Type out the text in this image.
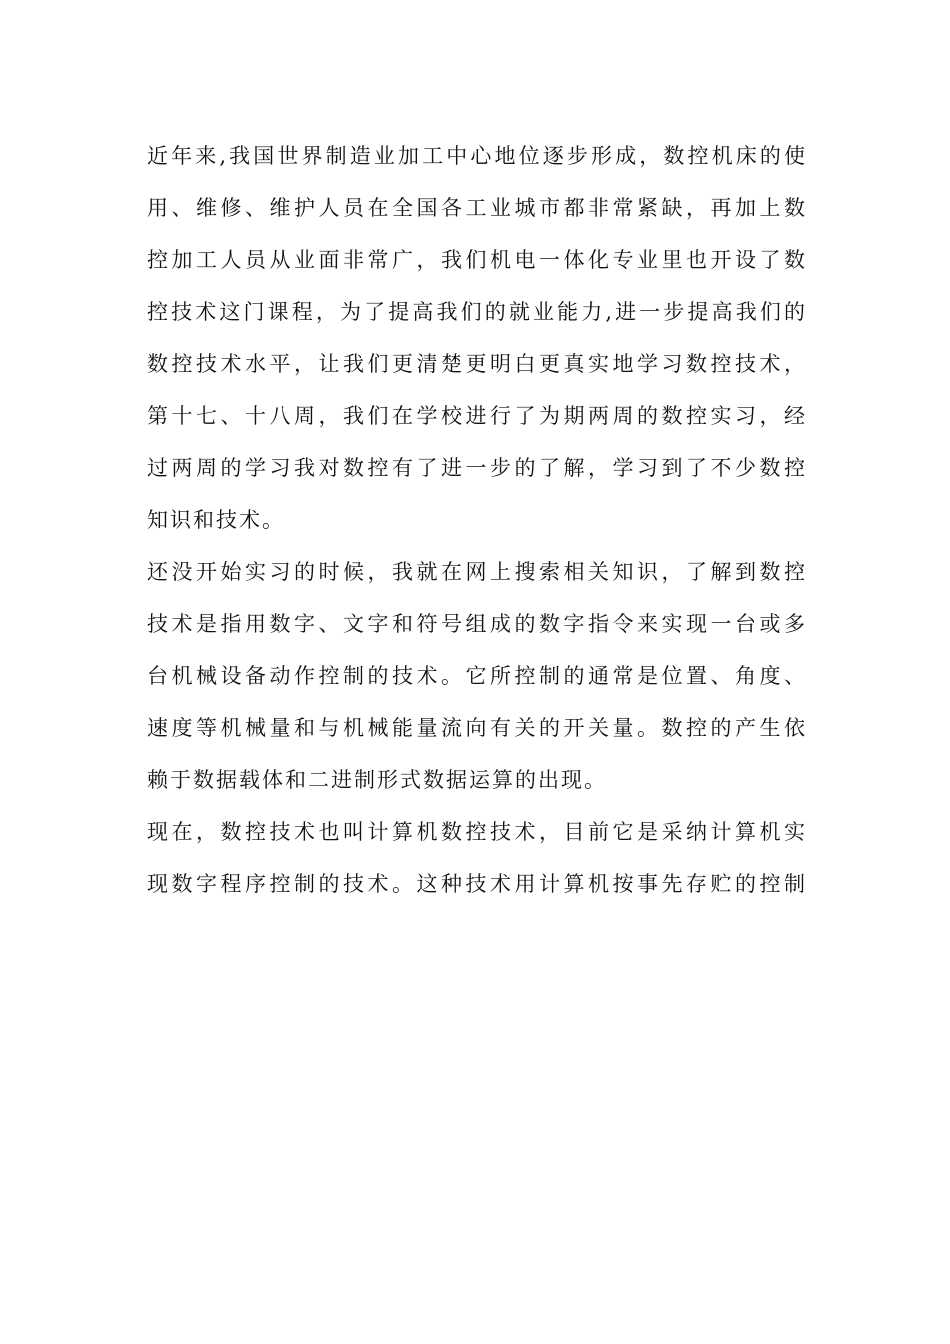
近年来,我国世界制造业加工中心地位逐步形成，数控机床的使
用、维修、维护人员在全国各工业城市都非常紧缺，再加上数
控加工人员从业面非常广，我们机电一体化专业里也开设了数
控技术这门课程，为了提高我们的就业能力,进一步提高我们的
数控技术水平，让我们更清楚更明白更真实地学习数控技术，
第十七、十八周，我们在学校进行了为期两周的数控实习，经
过两周的学习我对数控有了进一步的了解，学习到了不少数控
知识和技术。
还没开始实习的时候，我就在网上搜索相关知识，了解到数控
技术是指用数字、文字和符号组成的数字指令来实现一台或多
台机械设备动作控制的技术。它所控制的通常是位置、角度、
速度等机械量和与机械能量流向有关的开关量。数控的产生依
赖于数据载体和二进制形式数据运算的出现。
现在，数控技术也叫计算机数控技术，目前它是采纳计算机实
现数字程序控制的技术。这种技术用计算机按事先存贮的控制
